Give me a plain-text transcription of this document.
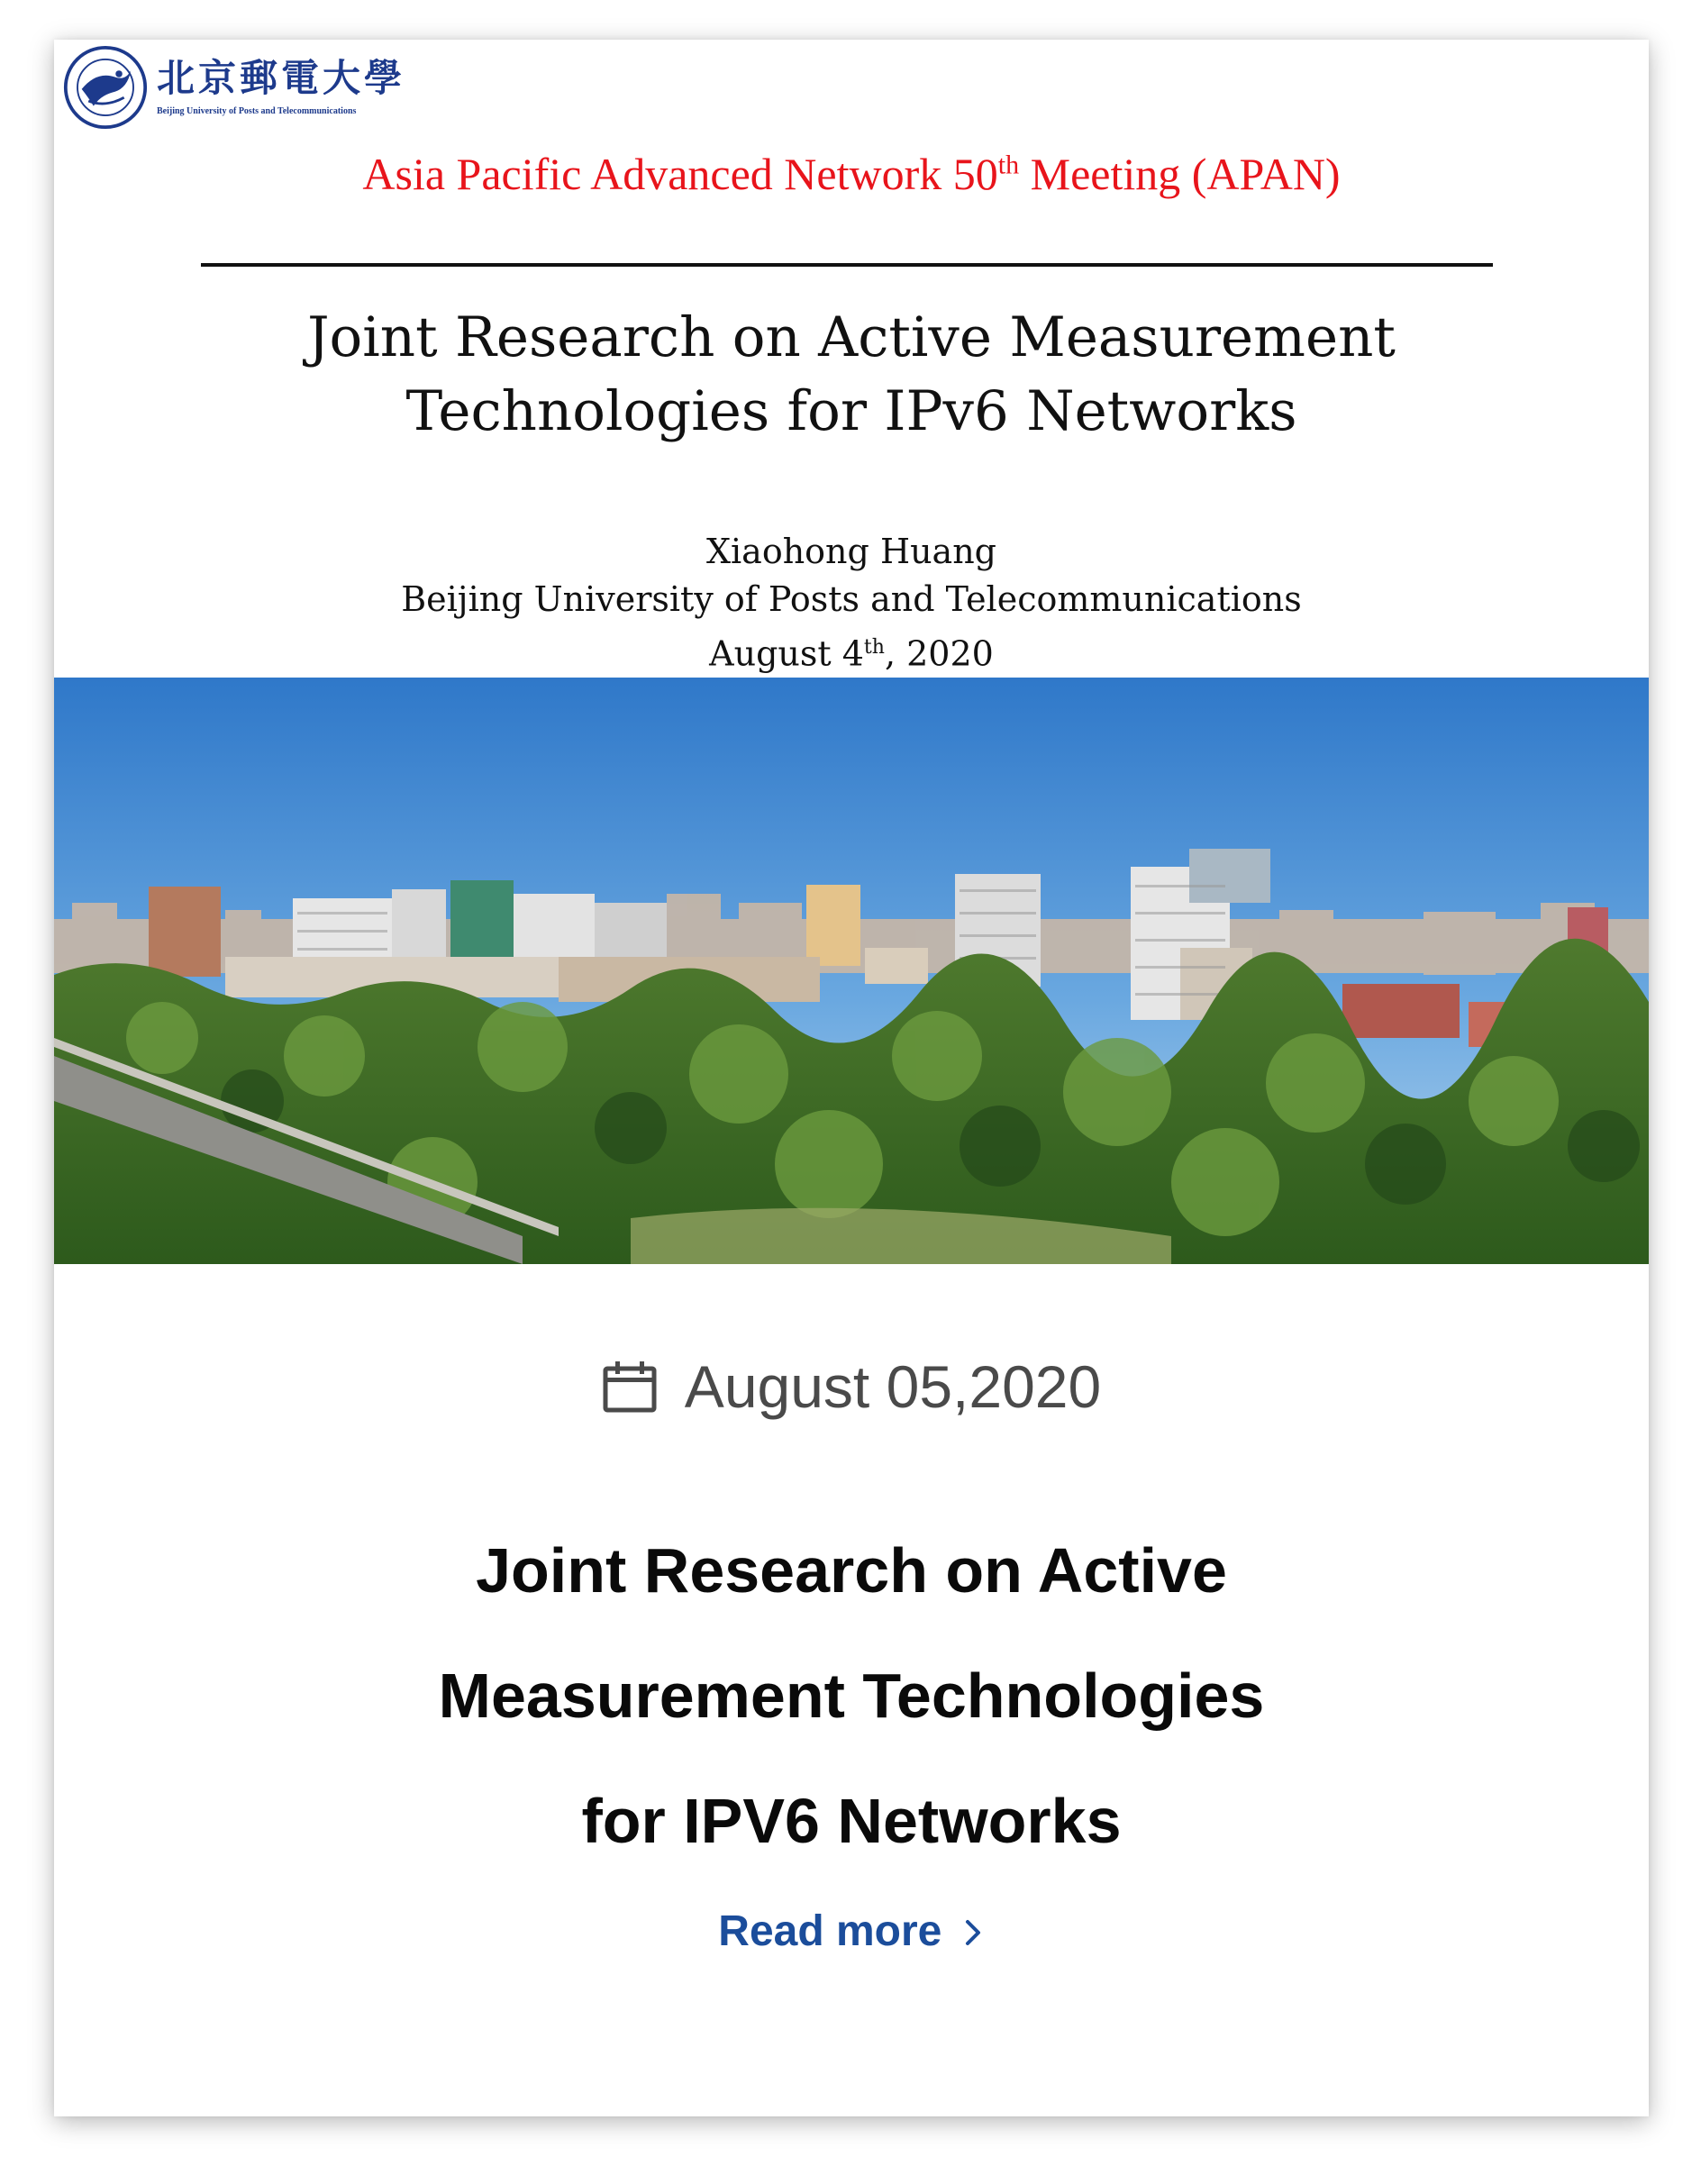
北京郵電大學
Beijing University of Posts and Telecommunications
Asia Pacific Advanced Network 50th Meeting (APAN)
Joint Research on Active Measurement
Technologies for IPv6 Networks
Xiaohong Huang
Beijing University of Posts and Telecommunications
August 4th, 2020
August 05,2020
Joint Research on Active
Measurement Technologies
for IPV6 Networks
Read more
